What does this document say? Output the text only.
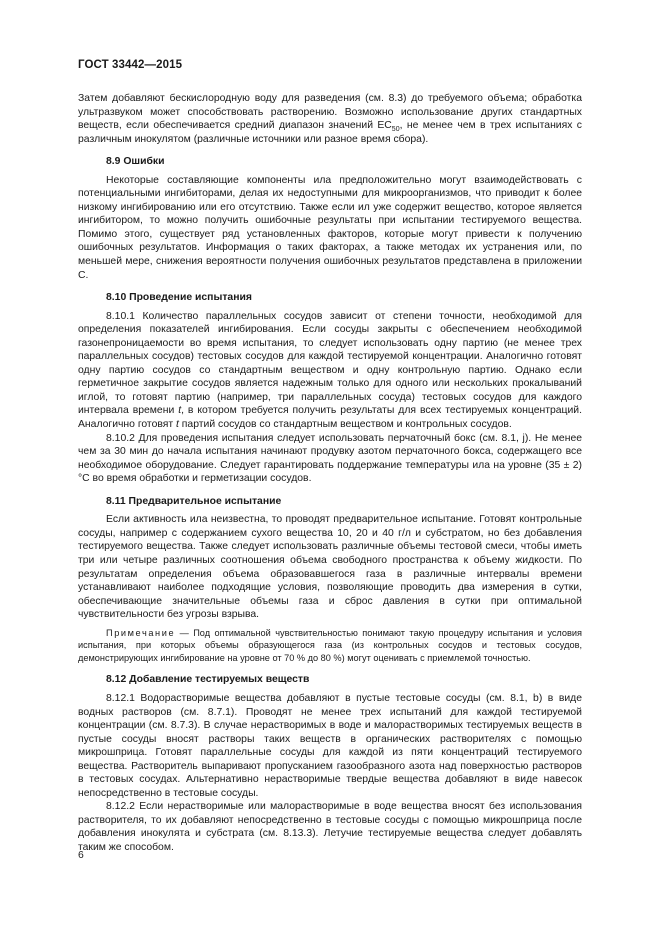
ГОСТ 33442—2015

Затем добавляют бескислородную воду для разведения (см. 8.3) до требуемого объема; обработка ультразвуком может способствовать растворению. Возможно использование других стандартных веществ, если обеспечивается средний диапазон значений $EC_{50}$, не менее чем в трех испытаниях с различным инокулятом (различные источники или разное время сбора).

8.9 Ошибки

Некоторые составляющие компоненты ила предположительно могут взаимодействовать с потенциальными ингибиторами, делая их недоступными для микроорганизмов, что приводит к более низкому ингибированию или его отсутствию. Также если ил уже содержит вещество, которое является ингибитором, то можно получить ошибочные результаты при испытании тестируемого вещества. Помимо этого, существует ряд установленных факторов, которые могут привести к получению ошибочных результатов. Информация о таких факторах, а также методах их устранения или, по меньшей мере, снижения вероятности получения ошибочных результатов представлена в приложении С.

8.10 Проведение испытания

8.10.1 Количество параллельных сосудов зависит от степени точности, необходимой для определения показателей ингибирования. Если сосуды закрыты с обеспечением необходимой газонепроницаемости во время испытания, то следует использовать одну партию (не менее трех параллельных сосудов) тестовых сосудов для каждой тестируемой концентрации. Аналогично готовят одну партию сосудов со стандартным веществом и одну контрольную партию. Однако если герметичное закрытие сосудов является надежным только для одного или нескольких прокалываний иглой, то готовят партию (например, три параллельных сосуда) тестовых сосудов для каждого интервала времени t, в котором требуется получить результаты для всех тестируемых концентраций. Аналогично готовят t партий сосудов со стандартным веществом и контрольных сосудов.

8.10.2 Для проведения испытания следует использовать перчаточный бокс (см. 8.1, j). Не менее чем за 30 мин до начала испытания начинают продувку азотом перчаточного бокса, содержащего все необходимое оборудование. Следует гарантировать поддержание температуры ила на уровне (35 ± 2) °С во время обработки и герметизации сосудов.

8.11 Предварительное испытание

Если активность ила неизвестна, то проводят предварительное испытание. Готовят контрольные сосуды, например с содержанием сухого вещества 10, 20 и 40 г/л и субстратом, но без добавления тестируемого вещества. Также следует использовать различные объемы тестовой смеси, чтобы иметь три или четыре различных соотношения объема свободного пространства к объему жидкости. По результатам определения объема образовавшегося газа в различные интервалы времени устанавливают наиболее подходящие условия, позволяющие проводить два измерения в сутки, обеспечивающие значительные объемы газа и сброс давления в сутки при оптимальной чувствительности без угрозы взрыва.

Примечание — Под оптимальной чувствительностью понимают такую процедуру испытания и условия испытания, при которых объемы образующегося газа (из контрольных сосудов и тестовых сосудов, демонстрирующих ингибирование на уровне от 70 % до 80 %) могут оценивать с приемлемой точностью.

8.12 Добавление тестируемых веществ

8.12.1 Водорастворимые вещества добавляют в пустые тестовые сосуды (см. 8.1, b) в виде водных растворов (см. 8.7.1). Проводят не менее трех испытаний для каждой тестируемой концентрации (см. 8.7.3). В случае нерастворимых в воде и малорастворимых тестируемых веществ в пустые сосуды вносят растворы таких веществ в органических растворителях с помощью микрошприца. Готовят параллельные сосуды для каждой из пяти концентраций тестируемого вещества. Растворитель выпаривают пропусканием газообразного азота над поверхностью растворов в тестовых сосудах. Альтернативно нерастворимые твердые вещества добавляют в виде навесок непосредственно в тестовые сосуды.

8.12.2 Если нерастворимые или малорастворимые в воде вещества вносят без использования растворителя, то их добавляют непосредственно в тестовые сосуды с помощью микрошприца после добавления инокулята и субстрата (см. 8.13.3). Летучие тестируемые вещества следует добавлять таким же способом.

6
